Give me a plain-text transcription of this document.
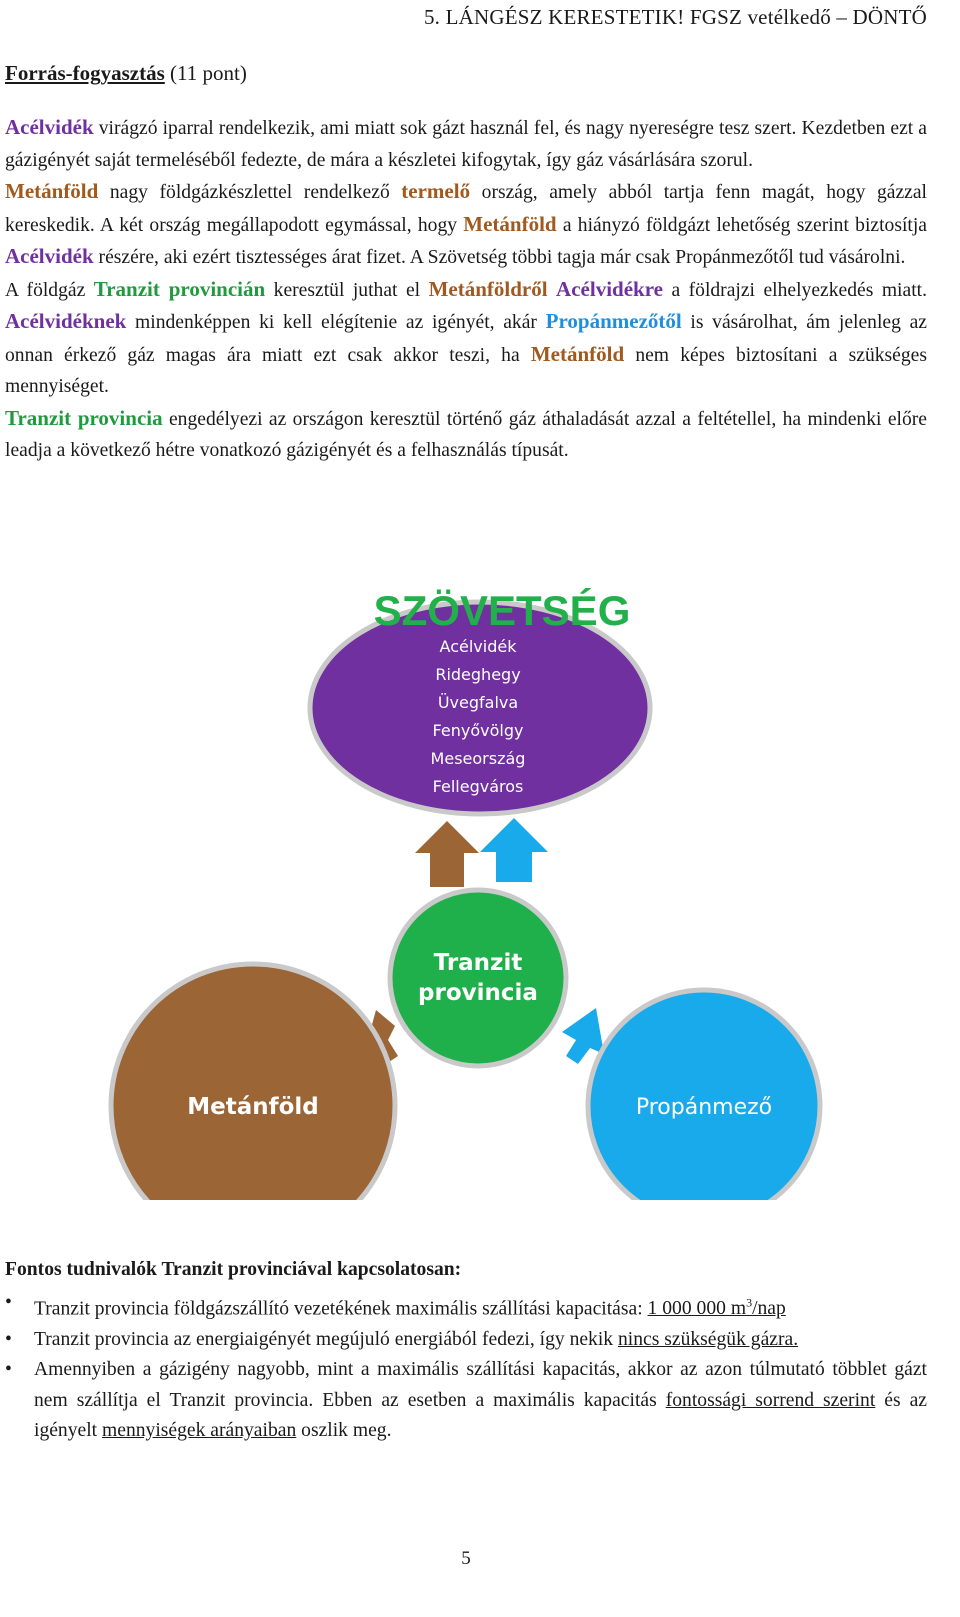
5. LÁNGÉSZ KERESTETIK! FGSZ vetélkedő – DÖNTŐ
Forrás-fogyasztás (11 pont)

Acélvidék virágzó iparral rendelkezik, ami miatt sok gázt használ fel, és nagy nyereségre tesz szert. Kezdetben ezt a gázigényét saját termeléséből fedezte, de mára a készletei kifogytak, így gáz vásárlására szorul.

Metánföld nagy földgázkészlettel rendelkező termelő ország, amely abból tartja fenn magát, hogy gázzal kereskedik. A két ország megállapodott egymással, hogy Metánföld a hiányzó földgázt lehetőség szerint biztosítja Acélvidék részére, aki ezért tisztességes árat fizet. A Szövetség többi tagja már csak Propánmezőtől tud vásárolni.

A földgáz Tranzit provincián keresztül juthat el Metánföldről Acélvidékre a földrajzi elhelyezkedés miatt. Acélvidéknek mindenképpen ki kell elégítenie az igényét, akár Propánmezőtől is vásárolhat, ám jelenleg az onnan érkező gáz magas ára miatt ezt csak akkor teszi, ha Metánföld nem képes biztosítani a szükséges mennyiséget.

Tranzit provincia engedélyezi az országon keresztül történő gáz áthaladását azzal a feltétellel, ha mindenki előre leadja a következő hétre vonatkozó gázigényét és a felhasználás típusát.

SZÖVETSÉG
Acélvidék
Rideghegy
Üvegfalva
Fenyővölgy
Meseország
Fellegváros
Tranzit
provincia
Metánföld	Propánmező

Fontos tudnivalók Tranzit provinciával kapcsolatosan:

• Tranzit provincia földgázszállító vezetékének maximális szállítási kapacitása: 1 000 000 $m^3$/nap
• Tranzit provincia az energiaigényét megújuló energiából fedezi, így nekik nincs szükségük gázra.
• Amennyiben a gázigény nagyobb, mint a maximális szállítási kapacitás, akkor az azon túlmutató többlet gázt nem szállítja el Tranzit provincia. Ebben az esetben a maximális kapacitás fontossági sorrend szerint és az igényelt mennyiségek arányaiban oszlik meg.
5
